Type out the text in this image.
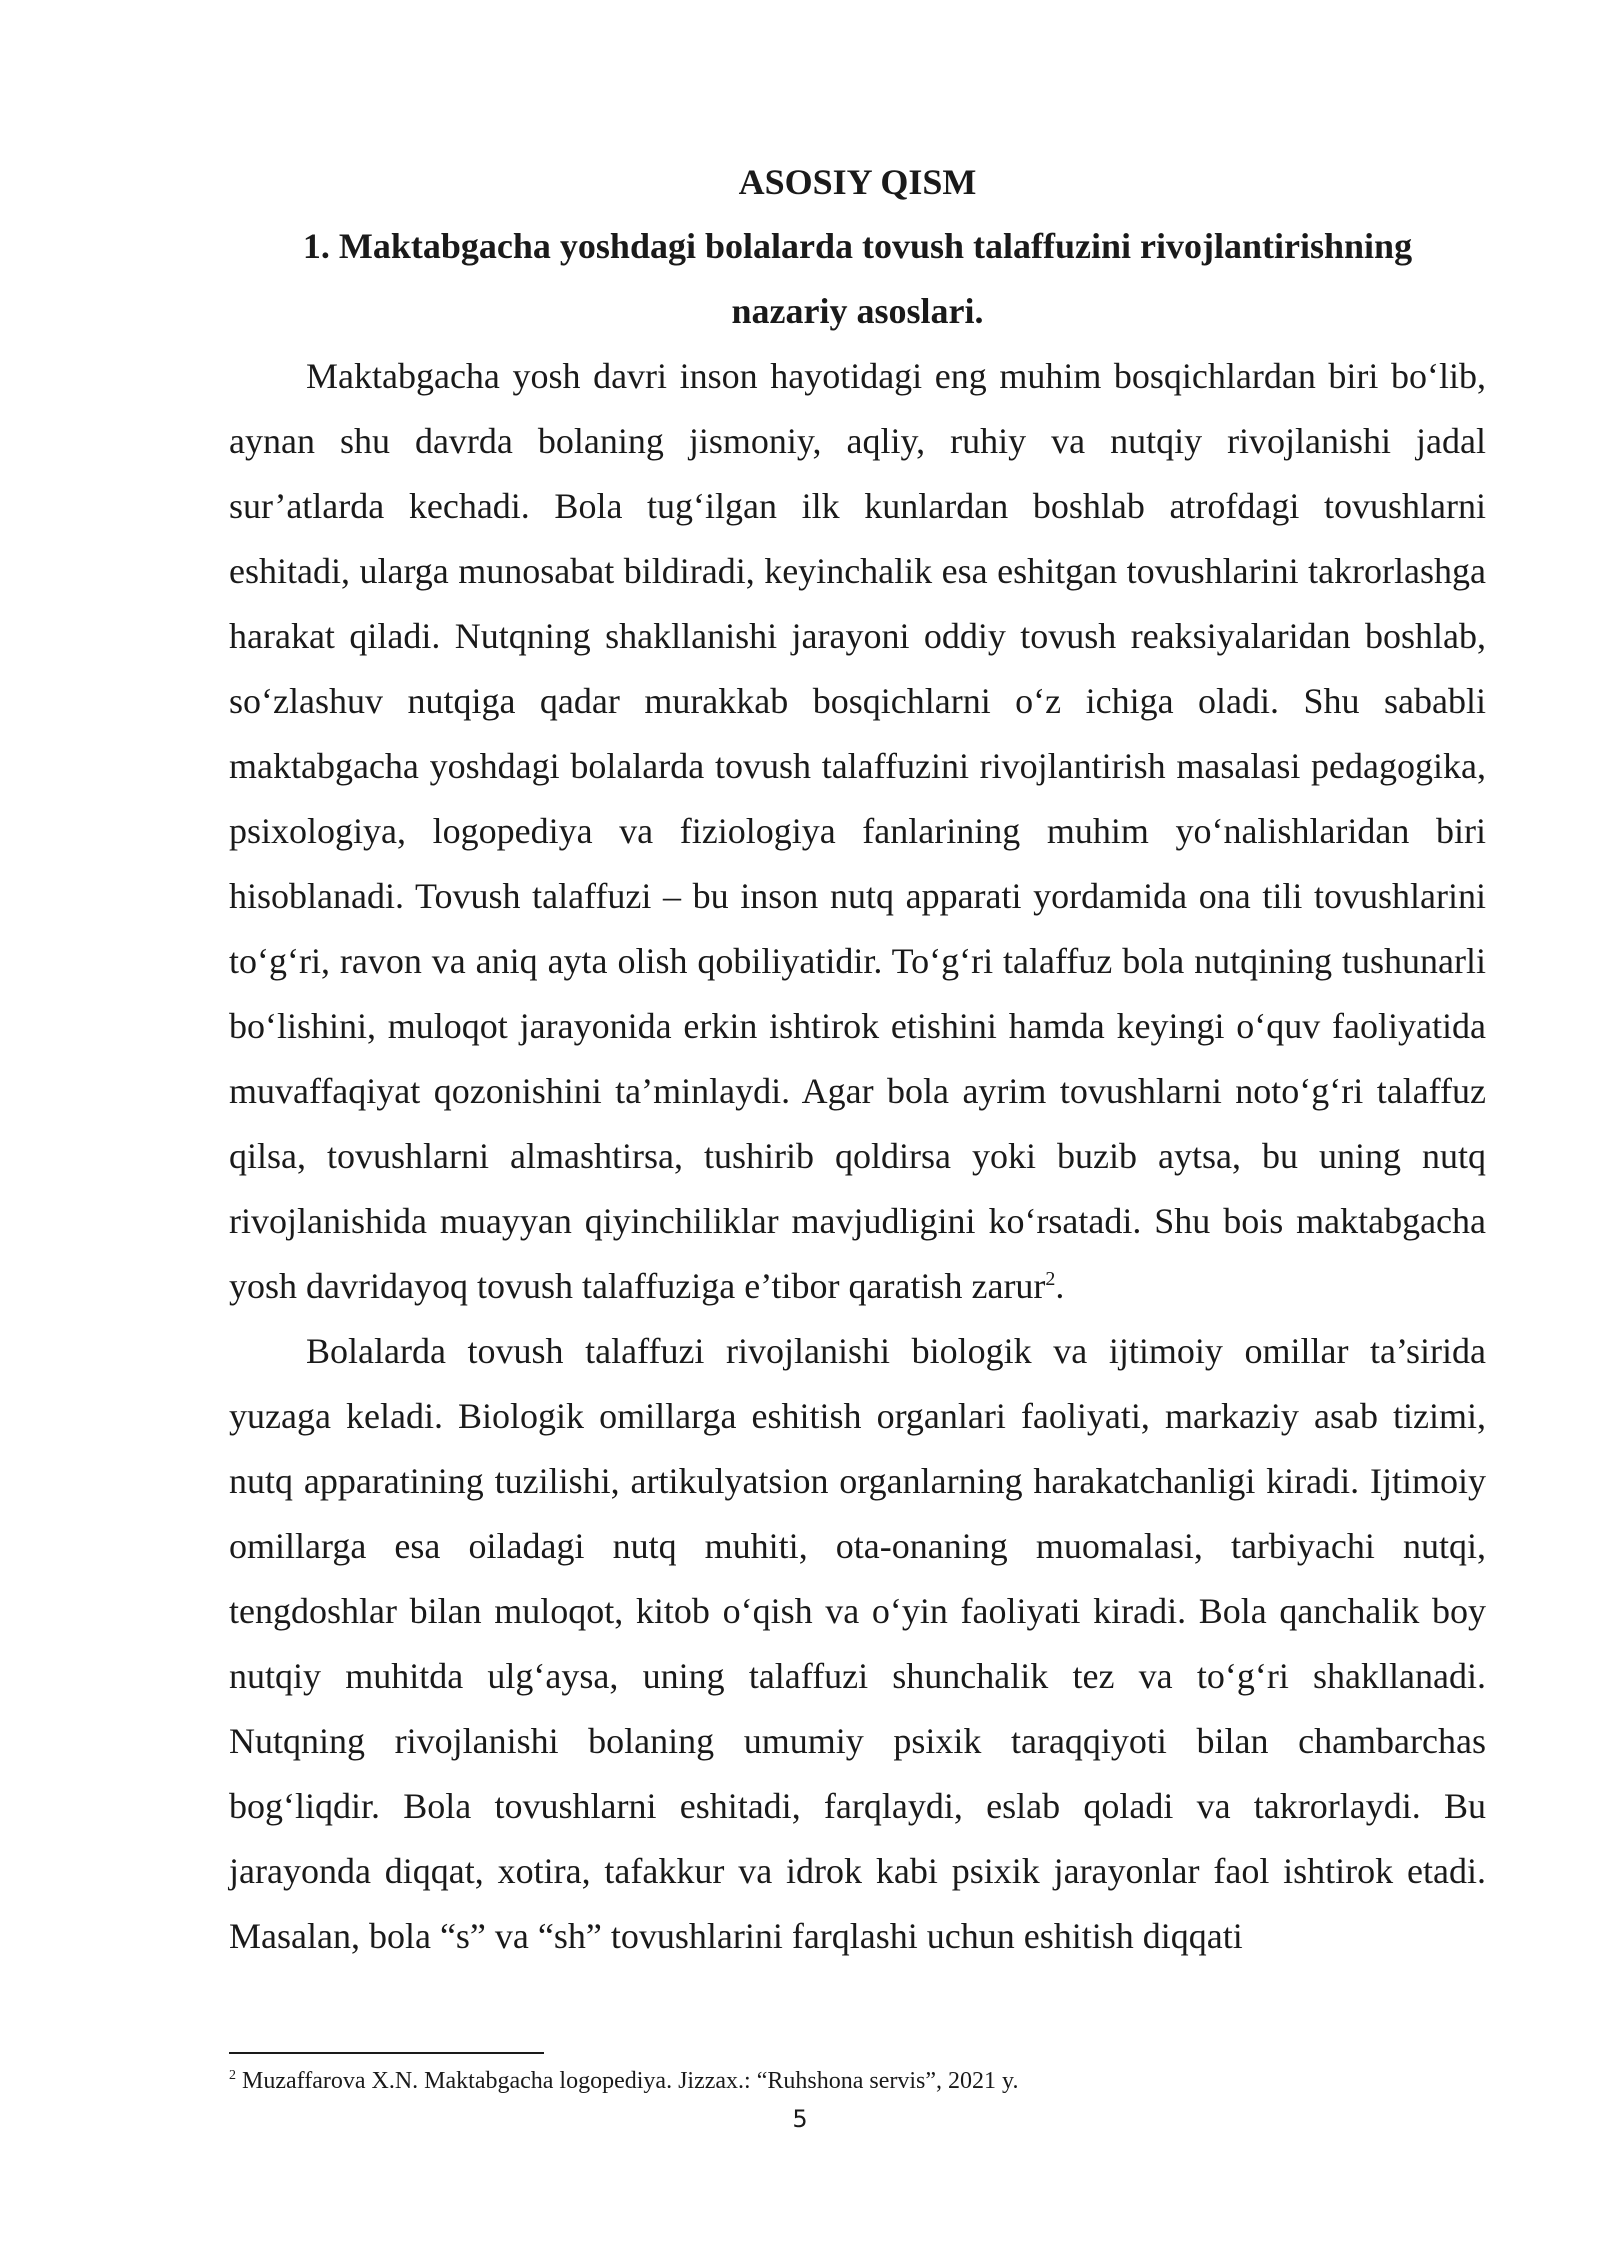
ASOSIY QISM

1. Maktabgacha yoshdagi bolalarda tovush talaffuzini rivojlantirishning nazariy asoslari.

Maktabgacha yosh davri inson hayotidagi eng muhim bosqichlardan biri bo‘lib, aynan shu davrda bolaning jismoniy, aqliy, ruhiy va nutqiy rivojlanishi jadal sur’atlarda kechadi. Bola tug‘ilgan ilk kunlardan boshlab atrofdagi tovushlarni eshitadi, ularga munosabat bildiradi, keyinchalik esa eshitgan tovushlarini takrorlashga harakat qiladi. Nutqning shakllanishi jarayoni oddiy tovush reaksiyalaridan boshlab, so‘zlashuv nutqiga qadar murakkab bosqichlarni o‘z ichiga oladi. Shu sababli maktabgacha yoshdagi bolalarda tovush talaffuzini rivojlantirish masalasi pedagogika, psixologiya, logopediya va fiziologiya fanlarining muhim yo‘nalishlaridan biri hisoblanadi. Tovush talaffuzi – bu inson nutq apparati yordamida ona tili tovushlarini to‘g‘ri, ravon va aniq ayta olish qobiliyatidir. To‘g‘ri talaffuz bola nutqining tushunarli bo‘lishini, muloqot jarayonida erkin ishtirok etishini hamda keyingi o‘quv faoliyatida muvaffaqiyat qozonishini ta’minlaydi. Agar bola ayrim tovushlarni noto‘g‘ri talaffuz qilsa, tovushlarni almashtirsa, tushirib qoldirsa yoki buzib aytsa, bu uning nutq rivojlanishida muayyan qiyinchiliklar mavjudligini ko‘rsatadi. Shu bois maktabgacha yosh davridayoq tovush talaffuziga e’tibor qaratish zarur$^2$.

Bolalarda tovush talaffuzi rivojlanishi biologik va ijtimoiy omillar ta’sirida yuzaga keladi. Biologik omillarga eshitish organlari faoliyati, markaziy asab tizimi, nutq apparatining tuzilishi, artikulyatsion organlarning harakatchanligi kiradi. Ijtimoiy omillarga esa oiladagi nutq muhiti, ota-onaning muomalasi, tarbiyachi nutqi, tengdoshlar bilan muloqot, kitob o‘qish va o‘yin faoliyati kiradi. Bola qanchalik boy nutqiy muhitda ulg‘aysa, uning talaffuzi shunchalik tez va to‘g‘ri shakllanadi. Nutqning rivojlanishi bolaning umumiy psixik taraqqiyoti bilan chambarchas bog‘liqdir. Bola tovushlarni eshitadi, farqlaydi, eslab qoladi va takrorlaydi. Bu jarayonda diqqat, xotira, tafakkur va idrok kabi psixik jarayonlar faol ishtirok etadi. Masalan, bola “s” va “sh” tovushlarini farqlashi uchun eshitish diqqati

$^2$ Muzaffarova X.N. Maktabgacha logopediya. Jizzax.: “Ruhshona servis”, 2021 y.

5
